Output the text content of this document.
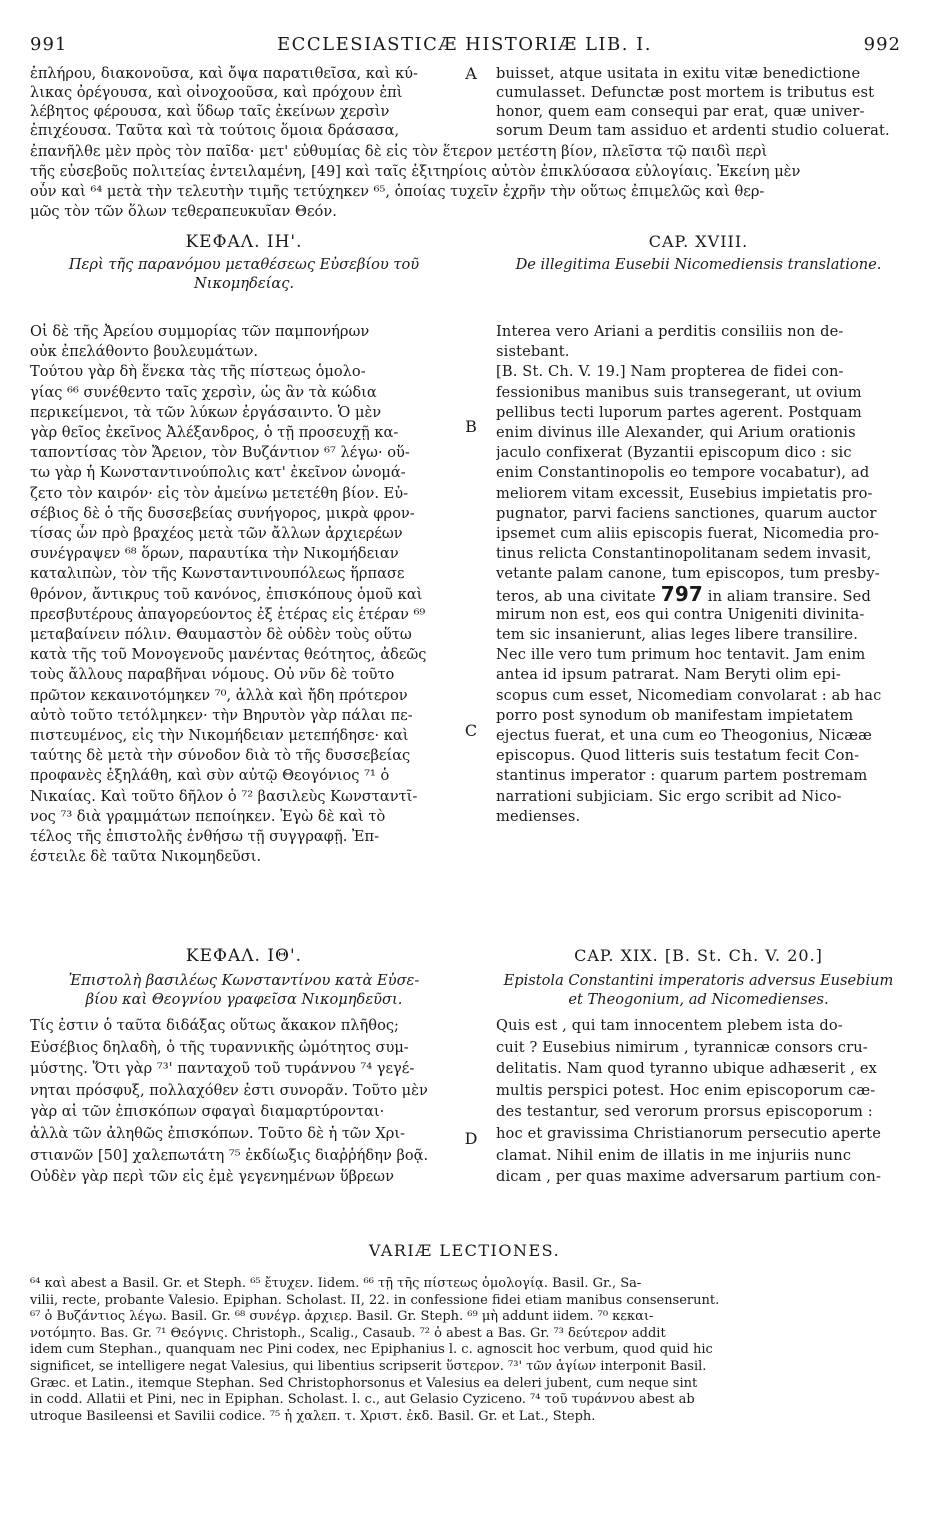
991	ECCLESIASTICÆ HISTORIÆ LIB. I.	992
ἐπλήρου, διακονοῦσα, καὶ ὄψα παρατιθεῖσα, καὶ κύ-
λικας ὀρέγουσα, καὶ οἰνοχοοῦσα, καὶ πρόχουν ἐπὶ
λέβητος φέρουσα, καὶ ὕδωρ ταῖς ἐκείνων χερσὶν
ἐπιχέουσα. Ταῦτα καὶ τὰ τούτοις ὅμοια δράσασα,
A buisset, atque usitata in exitu vitæ benedictione
cumulasset. Defunctæ post mortem is tributus est
honor, quem eam consequi par erat, quæ univer-
sorum Deum tam assiduo et ardenti studio coluerat.
ἐπανῆλθε μὲν πρὸς τὸν παῖδα· μετ' εὐθυμίας δὲ εἰς τὸν ἕτερον μετέστη βίον, πλεῖστα τῷ παιδὶ περὶ
τῆς εὐσεβοῦς πολιτείας ἐντειλαμένη, [49] καὶ ταῖς ἐξιτηρίοις αὐτὸν ἐπικλύσασα εὐλογίαις. Ἐκείνη μὲν
οὖν καὶ ⁶⁴ μετὰ τὴν τελευτὴν τιμῆς τετύχηκεν ⁶⁵, ὁποίας τυχεῖν ἐχρῆν τὴν οὕτως ἐπιμελῶς καὶ θερ-
μῶς τὸν τῶν ὅλων τεθεραπευκυῖαν Θεόν.
ΚΕΦΑΛ. ΙΗ'.	CAP. XVIII.
Περὶ τῆς παρανόμου μεταθέσεως Εὐσεβίου τοῦ
Νικομηδείας.
De illegitima Eusebii Nicomediensis translatione.
Οἱ δὲ τῆς Ἀρείου συμμορίας τῶν παμπονήρων
οὐκ ἐπελάθοντο βουλευμάτων.
Τούτου γὰρ δὴ ἕνεκα τὰς τῆς πίστεως ὁμολο-
γίας ⁶⁶ συνέθεντο ταῖς χερσὶν, ὡς ἂν τὰ κώδια
περικείμενοι, τὰ τῶν λύκων ἐργάσαιντο. Ὁ μὲν
γὰρ θεῖος ἐκεῖνος Ἀλέξανδρος, ὁ τῇ προσευχῇ κα-
ταποντίσας τὸν Ἄρειον, τὸν Βυζάντιον ⁶⁷ λέγω· οὕ-
τω γὰρ ἡ Κωνσταντινούπολις κατ' ἐκεῖνον ὠνομά-
ζετο τὸν καιρόν· εἰς τὸν ἀμείνω μετετέθη βίον. Εὐ-
σέβιος δὲ ὁ τῆς δυσσεβείας συνήγορος, μικρὰ φρον-
τίσας ὧν πρὸ βραχέος μετὰ τῶν ἄλλων ἀρχιερέων
συνέγραψεν ⁶⁸ ὅρων, παραυτίκα τὴν Νικομήδειαν
καταλιπὼν, τὸν τῆς Κωνσταντινουπόλεως ἥρπασε
θρόνον, ἄντικρυς τοῦ κανόνος, ἐπισκόπους ὁμοῦ καὶ
πρεσβυτέρους ἀπαγορεύοντος ἐξ ἑτέρας εἰς ἑτέραν ⁶⁹
μεταβαίνειν πόλιν. Θαυμαστὸν δὲ οὐδὲν τοὺς οὕτω
κατὰ τῆς τοῦ Μονογενοῦς μανέντας θεότητος, ἀδεῶς
τοὺς ἄλλους παραβῆναι νόμους. Οὐ νῦν δὲ τοῦτο
πρῶτον κεκαινοτόμηκεν ⁷⁰, ἀλλὰ καὶ ἤδη πρότερον
αὐτὸ τοῦτο τετόλμηκεν· τὴν Βηρυτὸν γὰρ πάλαι πε-
πιστευμένος, εἰς τὴν Νικομήδειαν μετεπήδησε· καὶ
ταύτης δὲ μετὰ τὴν σύνοδον διὰ τὸ τῆς δυσσεβείας
προφανὲς ἐξηλάθη, καὶ σὺν αὐτῷ Θεογόνιος ⁷¹ ὁ
Νικαίας. Καὶ τοῦτο δῆλον ὁ ⁷² βασιλεὺς Κωνσταντῖ-
νος ⁷³ διὰ γραμμάτων πεποίηκεν. Ἐγὼ δὲ καὶ τὸ
τέλος τῆς ἐπιστολῆς ἐνθήσω τῇ συγγραφῇ. Ἐπ-
έστειλε δὲ ταῦτα Νικομηδεῦσι.
Interea vero Ariani a perditis consiliis non de-
sistebant.
[B. St. Ch. V. 19.] Nam propterea de fidei con-
fessionibus manibus suis transegerant, ut ovium
pellibus tecti luporum partes agerent. Postquam
enim divinus ille Alexander, qui Arium orationis
jaculo confixerat (Byzantii episcopum dico : sic
enim Constantinopolis eo tempore vocabatur), ad
meliorem vitam excessit, Eusebius impietatis pro-
pugnator, parvi faciens sanctiones, quarum auctor
ipsemet cum aliis episcopis fuerat, Nicomedia pro-
tinus relicta Constantinopolitanam sedem invasit,
vetante palam canone, tum episcopos, tum presby-
teros, ab una civitate 797 in aliam transire. Sed
mirum non est, eos qui contra Unigeniti divinita-
tem sic insanierunt, alias leges libere transilire.
Nec ille vero tum primum hoc tentavit. Jam enim
antea id ipsum patrarat. Nam Beryti olim epi-
scopus cum esset, Nicomediam convolarat : ab hac
porro post synodum ob manifestam impietatem
ejectus fuerat, et una cum eo Theogonius, Nicææ
episcopus. Quod litteris suis testatum fecit Con-
stantinus imperator : quarum partem postremam
narrationi subjiciam. Sic ergo scribit ad Nico-
medienses.
B
C
D
ΚΕΦΑΛ. ΙΘ'.	CAP. XIX. [B. St. Ch. V. 20.]
Ἐπιστολὴ βασιλέως Κωνσταντίνου κατὰ Εὐσε-
βίου καὶ Θεογνίου γραφεῖσα Νικομηδεῦσι.
Epistola Constantini imperatoris adversus Eusebium
et Theogonium, ad Nicomedienses.
Τίς ἐστιν ὁ ταῦτα διδάξας οὕτως ἄκακον πλῆθος;
Εὐσέβιος δηλαδὴ, ὁ τῆς τυραννικῆς ὠμότητος συμ-
μύστης. Ὅτι γὰρ ⁷³' πανταχοῦ τοῦ τυράννου ⁷⁴ γεγέ-
νηται πρόσφυξ, πολλαχόθεν ἐστι συνορᾶν. Τοῦτο μὲν
γὰρ αἱ τῶν ἐπισκόπων σφαγαὶ διαμαρτύρονται·
ἀλλὰ τῶν ἀληθῶς ἐπισκόπων. Τοῦτο δὲ ἡ τῶν Χρι-
στιανῶν [50] χαλεπωτάτη ⁷⁵ ἐκδίωξις διαῤῥήδην βοᾷ.
Οὐδὲν γὰρ περὶ τῶν εἰς ἐμὲ γεγενημένων ὕβρεων
Quis est , qui tam innocentem plebem ista do-
cuit ? Eusebius nimirum , tyrannicæ consors cru-
delitatis. Nam quod tyranno ubique adhæserit , ex
multis perspici potest. Hoc enim episcoporum cæ-
des testantur, sed verorum prorsus episcoporum :
hoc et gravissima Christianorum persecutio aperte
clamat. Nihil enim de illatis in me injuriis nunc
dicam , per quas maxime adversarum partium con-
VARIÆ LECTIONES.
⁶⁴ καὶ abest a Basil. Gr. et Steph. ⁶⁵ ἔτυχεν. Iidem. ⁶⁶ τῇ τῆς πίστεως ὁμολογίᾳ. Basil. Gr., Sa-
vilii, recte, probante Valesio. Epiphan. Scholast. II, 22. in confessione fidei etiam manibus consenserunt.
⁶⁷ ὁ Βυζάντιος λέγω. Basil. Gr. ⁶⁸ συνέγρ. ἀρχιερ. Basil. Gr. Steph. ⁶⁹ μὴ addunt iidem. ⁷⁰ κεκαι-
νοτόμητο. Bas. Gr. ⁷¹ Θεόγνις. Christoph., Scalig., Casaub. ⁷² ὁ abest a Bas. Gr. ⁷³ δεύτερον addit
idem cum Stephan., quanquam nec Pini codex, nec Epiphanius l. c. agnoscit hoc verbum, quod quid hic
significet, se intelligere negat Valesius, qui libentius scripserit ὕστερον. ⁷³' τῶν ἁγίων interponit Basil.
Græc. et Latin., itemque Stephan. Sed Christophorsonus et Valesius ea deleri jubent, cum neque sint
in codd. Allatii et Pini, nec in Epiphan. Scholast. l. c., aut Gelasio Cyziceno. ⁷⁴ τοῦ τυράννου abest ab
utroque Basileensi et Savilii codice. ⁷⁵ ἡ χαλεπ. τ. Χριστ. ἐκδ. Basil. Gr. et Lat., Steph.
